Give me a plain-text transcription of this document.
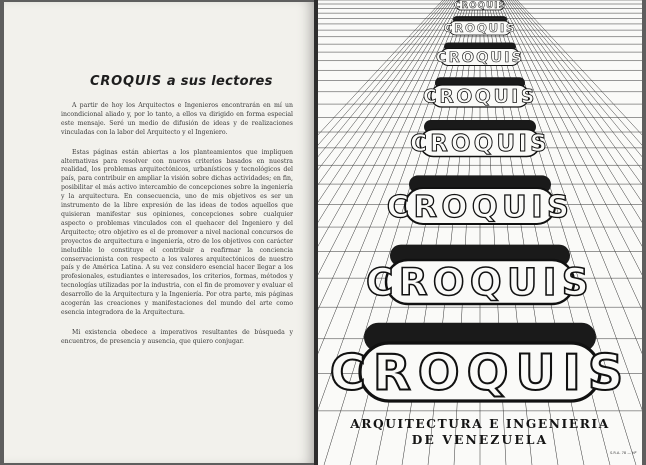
CROQUIS a sus lectores

A partir de hoy los Arquitectos e Ingenieros encontrarán en mí un incondicional aliado y, por lo tanto, a ellos va dirigido en forma especial este mensaje. Seré un medio de difusión de ideas y de realizaciones vinculadas con la labor del Arquitecto y el Ingeniero.

Estas páginas están abiertas a los planteamientos que impliquen alternativas para resolver con nuevos criterios basados en nuestra realidad, los problemas arquitectónicos, urbanísticos y tecnológicos del país, para contribuir en ampliar la visión sobre dichas actividades; en fin, posibilitar el más activo intercambio de concepciones sobre la ingeniería y la arquitectura. En consecuencia, uno de mis objetivos es ser un instrumento de la libre expresión de las ideas de todos aquellos que quisieran manifestar sus opiniones, concepciones sobre cualquier aspecto o problemas vinculados con el quehacer del Ingeniero y del Arquitecto; otro objetivo es el de promover a nivel nacional concursos de proyectos de arquitectura e ingeniería, otro de los objetivos con carácter ineludible lo constituye el contribuir a reafirmar la conciencia conservacionista con respecto a los valores arquitectónicos de nuestro país y de América Latina. A su vez considero esencial hacer llegar a los profesionales, estudiantes e interesados, los criterios, formas, métodos y tecnologías utilizadas por la industria, con el fin de promover y evaluar el desarrollo de la Arquitectura y la Ingeniería. Por otra parte, mis páginas acogerán las creaciones y manifestaciones del mundo del arte como esencia integradora de la Arquitectura.

Mi existencia obedece a imperativos resultantes de búsqueda y encuentros, de presencia y ausencia, que quiero conjugar.

CROQUIS
CROQUIS
CROQUIS
CROQUIS
CROQUIS
CROQUIS
CROQUIS
CROQUIS
ARQUITECTURA E INGENIERIA
DE VENEZUELA
S.R.A. 78 — Nº
